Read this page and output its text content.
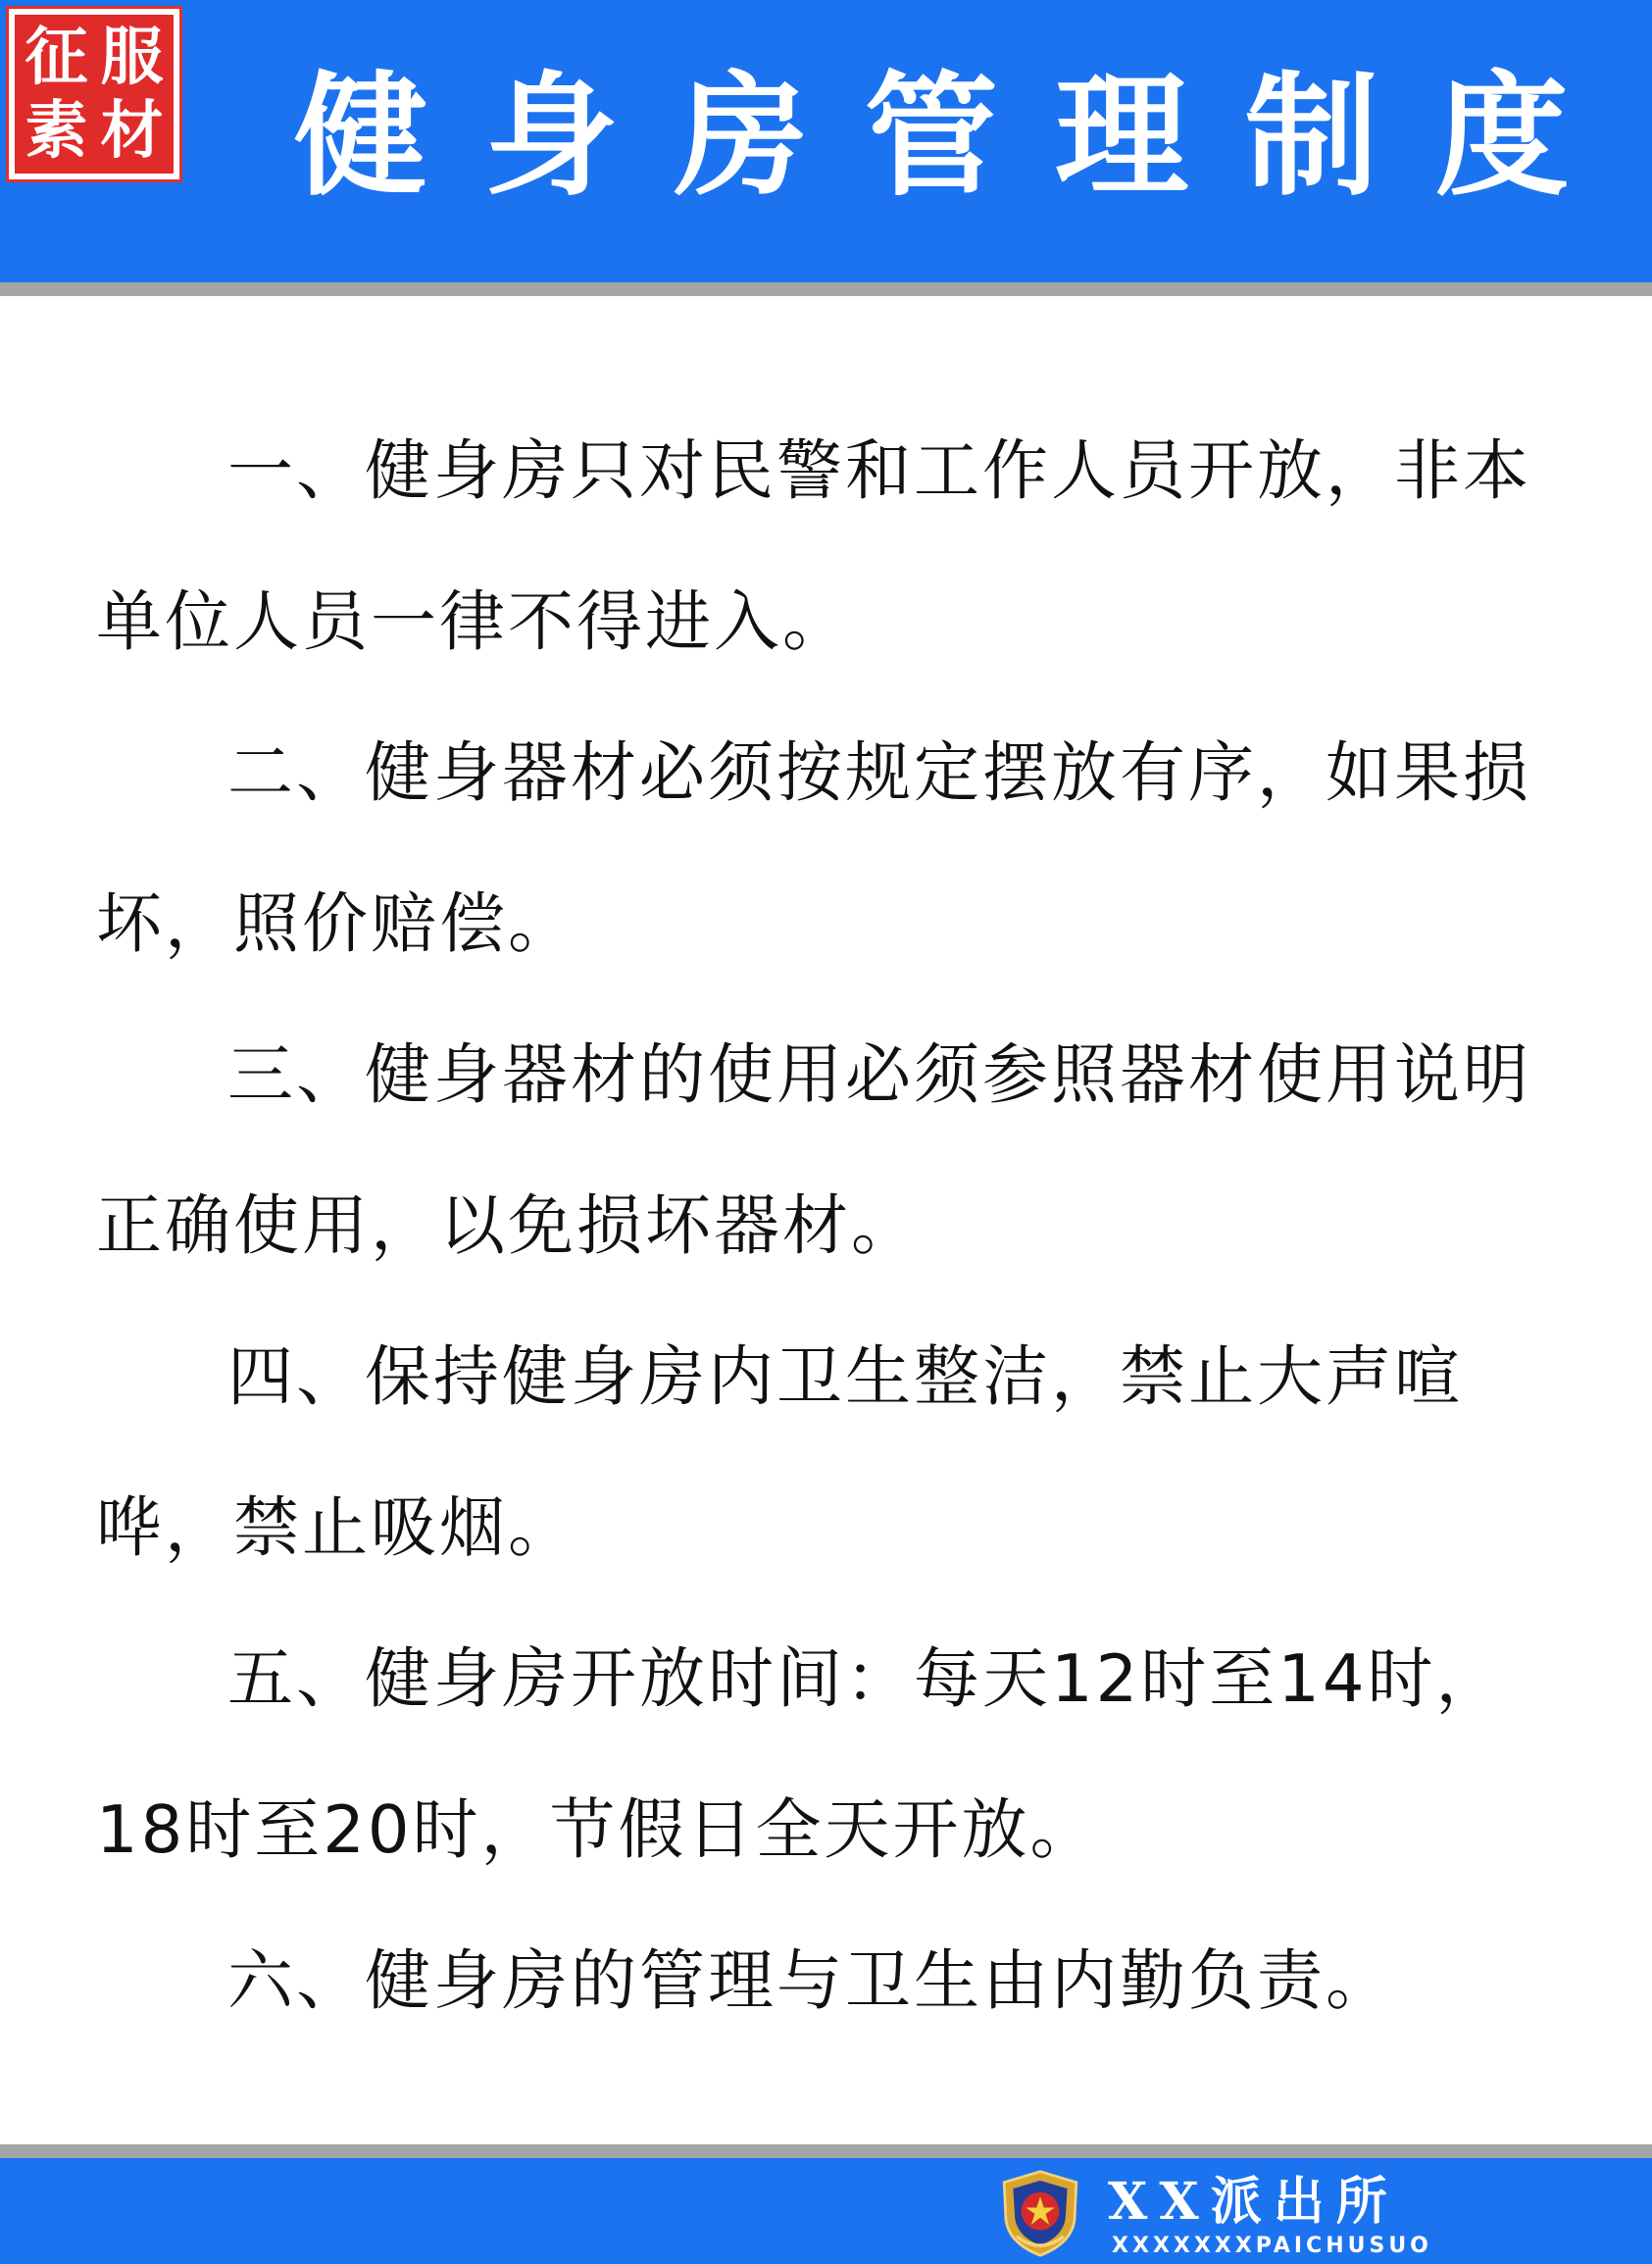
征 服
素 材 健身房管理制度

一、健身房只对民警和工作人员开放，非本单位人员一律不得进入。

二、健身器材必须按规定摆放有序，如果损坏，照价赔偿。

三、健身器材的使用必须参照器材使用说明正确使用，以免损坏器材。

四、保持健身房内卫生整洁，禁止大声喧哗，禁止吸烟。

五、健身房开放时间：每天12时至14时，18时至20时，节假日全天开放。

六、健身房的管理与卫生由内勤负责。

XX派出所
XXXXXXXPAICHUSUO
